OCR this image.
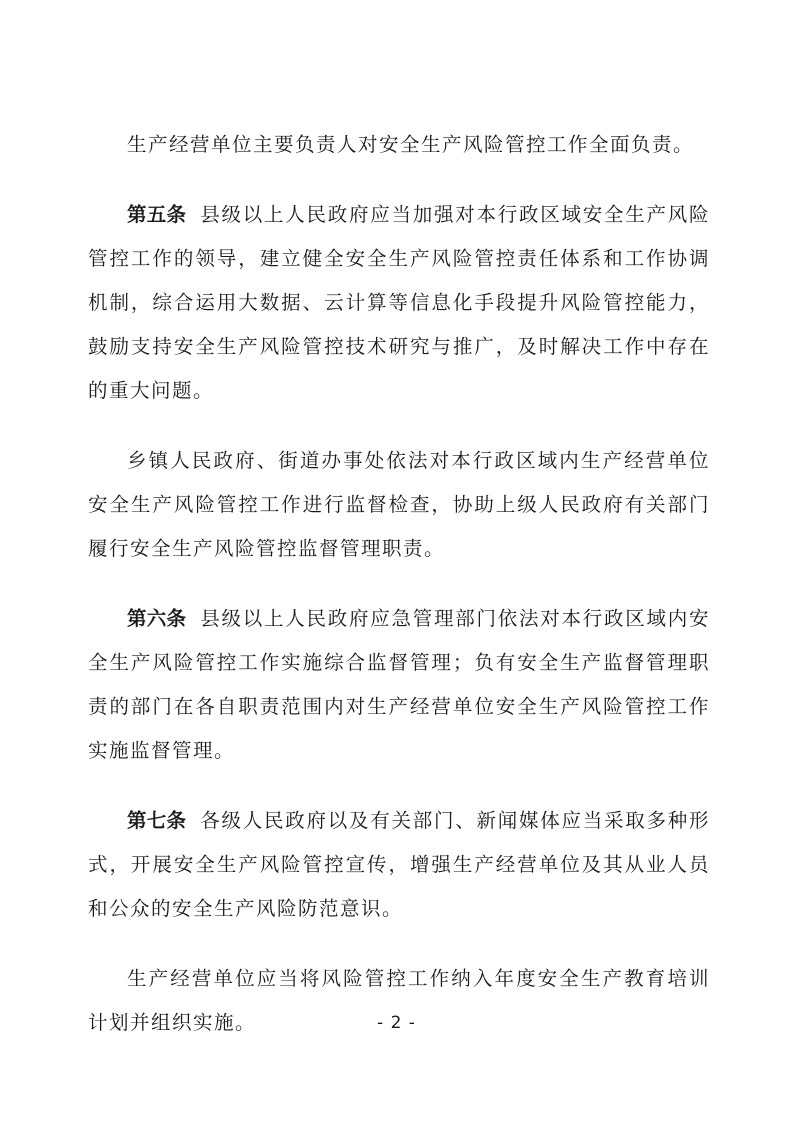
生产经营单位主要负责人对安全生产风险管控工作全面负责。

第五条 县级以上人民政府应当加强对本行政区域安全生产风险管控工作的领导，建立健全安全生产风险管控责任体系和工作协调机制，综合运用大数据、云计算等信息化手段提升风险管控能力，鼓励支持安全生产风险管控技术研究与推广，及时解决工作中存在的重大问题。

乡镇人民政府、街道办事处依法对本行政区域内生产经营单位安全生产风险管控工作进行监督检查，协助上级人民政府有关部门履行安全生产风险管控监督管理职责。

第六条 县级以上人民政府应急管理部门依法对本行政区域内安全生产风险管控工作实施综合监督管理；负有安全生产监督管理职责的部门在各自职责范围内对生产经营单位安全生产风险管控工作实施监督管理。

第七条 各级人民政府以及有关部门、新闻媒体应当采取多种形式，开展安全生产风险管控宣传，增强生产经营单位及其从业人员和公众的安全生产风险防范意识。

生产经营单位应当将风险管控工作纳入年度安全生产教育培训计划并组织实施。	- 2 -
